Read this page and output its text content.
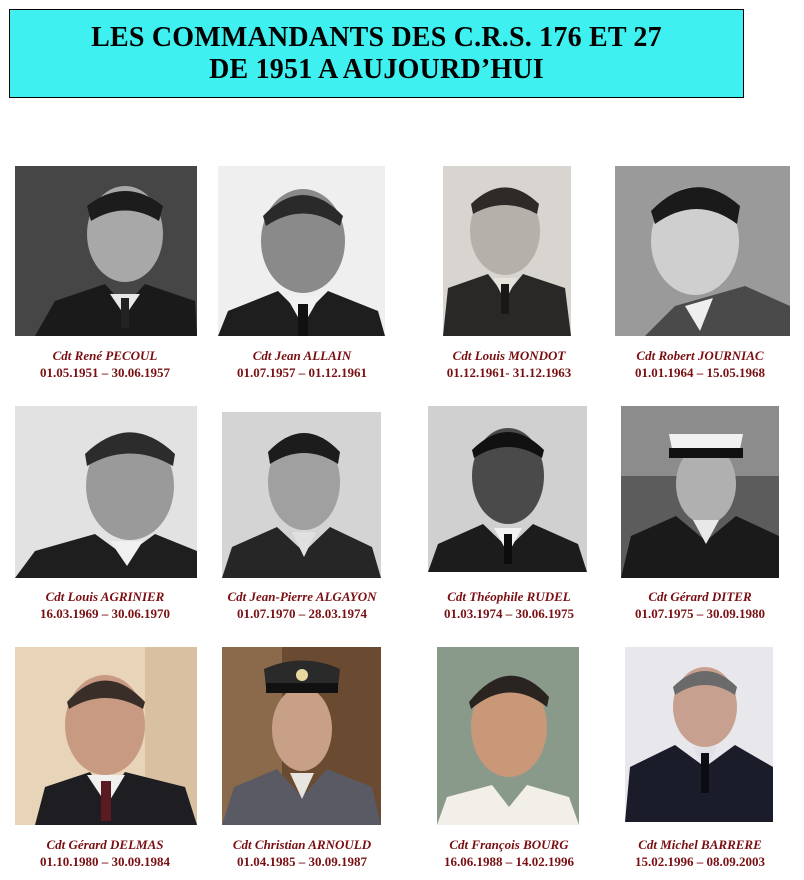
LES COMMANDANTS DES C.R.S. 176 ET 27
DE 1951 A AUJOURD’HUI
Cdt René PECOUL
01.05.1951 – 30.06.1957
Cdt Jean ALLAIN
01.07.1957 – 01.12.1961
Cdt Louis MONDOT
01.12.1961- 31.12.1963
Cdt Robert JOURNIAC
01.01.1964 – 15.05.1968
Cdt Louis AGRINIER
16.03.1969 – 30.06.1970
Cdt Jean-Pierre ALGAYON
01.07.1970 – 28.03.1974
Cdt Théophile RUDEL
01.03.1974 – 30.06.1975
Cdt Gérard DITER
01.07.1975 – 30.09.1980
Cdt Gérard DELMAS
01.10.1980 – 30.09.1984
Cdt Christian ARNOULD
01.04.1985 – 30.09.1987
Cdt François BOURG
16.06.1988 – 14.02.1996
Cdt Michel BARRERE
15.02.1996 – 08.09.2003
